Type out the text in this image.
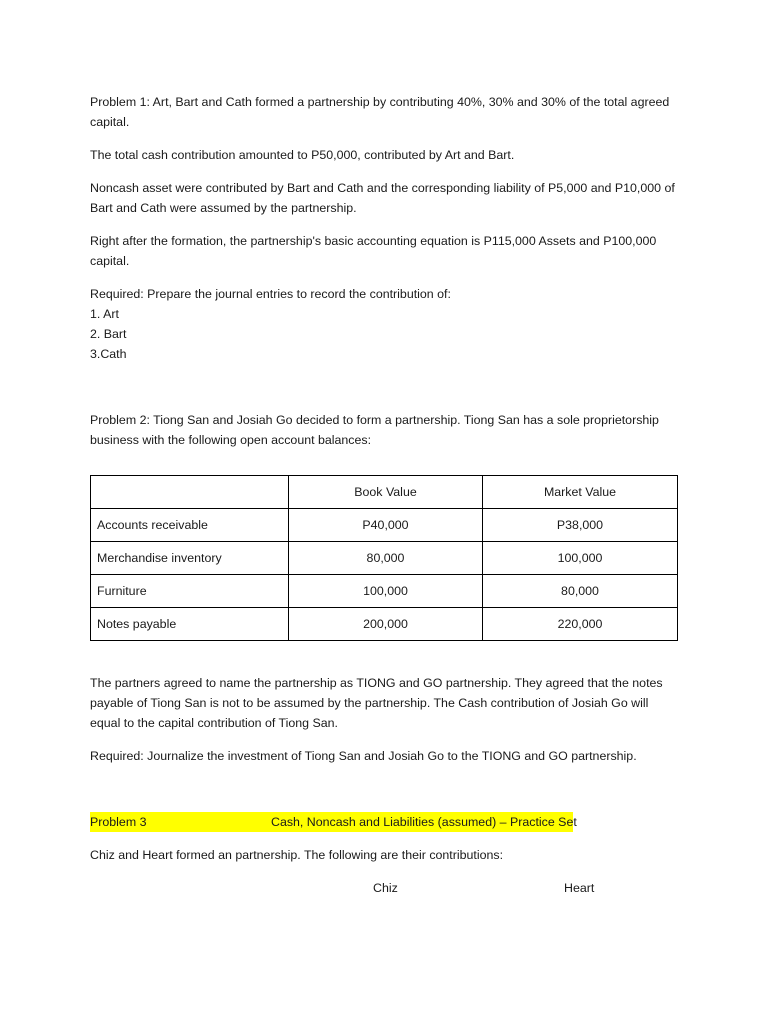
Problem 1: Art, Bart and Cath formed a partnership by contributing 40%, 30% and 30% of the total agreed capital.

The total cash contribution amounted to P50,000, contributed by Art and Bart.

Noncash asset were contributed by Bart and Cath and the corresponding liability of P5,000 and P10,000 of Bart and Cath were assumed by the partnership.

Right after the formation, the partnership's basic accounting equation is P115,000 Assets and P100,000 capital.

Required: Prepare the journal entries to record the contribution of:

1. Art
2. Bart
3.Cath

Problem 2: Tiong San and Josiah Go decided to form a partnership. Tiong San has a sole proprietorship business with the following open account balances:

	Book Value	Market Value
Accounts receivable	P40,000	P38,000
Merchandise inventory	80,000	100,000
Furniture	100,000	80,000
Notes payable	200,000	220,000

The partners agreed to name the partnership as TIONG and GO partnership. They agreed that the notes payable of Tiong San is not to be assumed by the partnership. The Cash contribution of Josiah Go will equal to the capital contribution of Tiong San.

Required: Journalize the investment of Tiong San and Josiah Go to the TIONG and GO partnership.

Problem 3	Cash, Noncash and Liabilities (assumed) – Practice Set

Chiz and Heart formed an partnership. The following are their contributions:

Chiz	Heart
